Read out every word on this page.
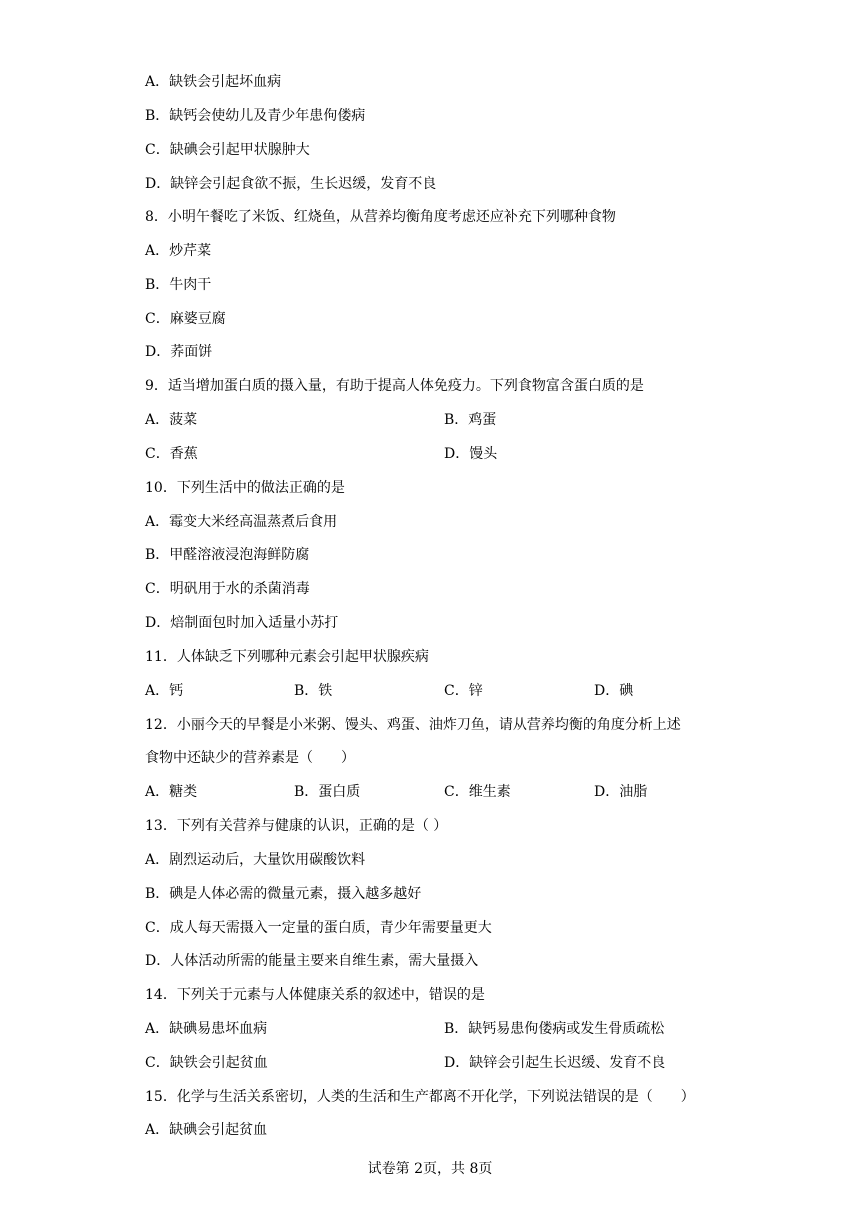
A．缺铁会引起坏血病
B．缺钙会使幼儿及青少年患佝偻病
C．缺碘会引起甲状腺肿大
D．缺锌会引起食欲不振，生长迟缓，发育不良
8．小明午餐吃了米饭、红烧鱼，从营养均衡角度考虑还应补充下列哪种食物
A．炒芹菜
B．牛肉干
C．麻婆豆腐
D．荞面饼
9．适当增加蛋白质的摄入量，有助于提高人体免疫力。下列食物富含蛋白质的是
A．菠菜	B．鸡蛋
C．香蕉	D．馒头
10．下列生活中的做法正确的是
A．霉变大米经高温蒸煮后食用
B．甲醛溶液浸泡海鲜防腐
C．明矾用于水的杀菌消毒
D．焙制面包时加入适量小苏打
11．人体缺乏下列哪种元素会引起甲状腺疾病
A．钙	B．铁	C．锌	D．碘
12．小丽今天的早餐是小米粥、馒头、鸡蛋、油炸刀鱼，请从营养均衡的角度分析上述
食物中还缺少的营养素是（　　）
A．糖类	B．蛋白质	C．维生素	D．油脂
13．下列有关营养与健康的认识，正确的是（ ）
A．剧烈运动后，大量饮用碳酸饮料
B．碘是人体必需的微量元素，摄入越多越好
C．成人每天需摄入一定量的蛋白质，青少年需要量更大
D．人体活动所需的能量主要来自维生素，需大量摄入
14．下列关于元素与人体健康关系的叙述中，错误的是
A．缺碘易患坏血病	B．缺钙易患佝偻病或发生骨质疏松
C．缺铁会引起贫血	D．缺锌会引起生长迟缓、发育不良
15．化学与生活关系密切，人类的生活和生产都离不开化学，下列说法错误的是（　　）
A．缺碘会引起贫血
试卷第 2页，共 8页
